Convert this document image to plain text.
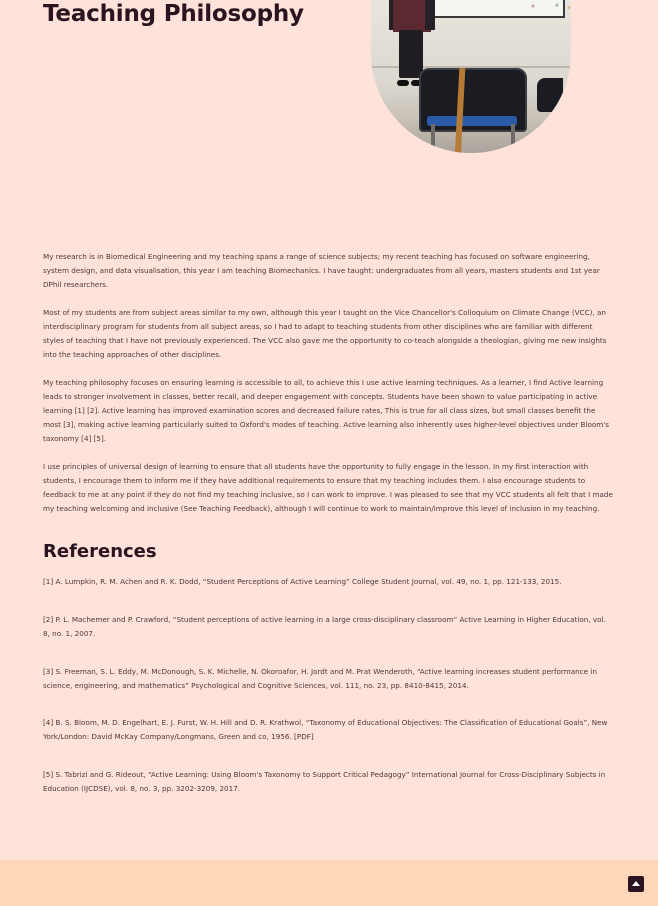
Teaching Philosophy

My research is in Biomedical Engineering and my teaching spans a range of science subjects; my recent teaching has focused on software engineering, system design, and data visualisation, this year I am teaching Biomechanics. I have taught: undergraduates from all years, masters students and 1st year DPhil researchers.

Most of my students are from subject areas similar to my own, although this year I taught on the Vice Chancellor's Colloquium on Climate Change (VCC), an interdisciplinary program for students from all subject areas, so I had to adapt to teaching students from other disciplines who are familiar with different styles of teaching that I have not previously experienced. The VCC also gave me the opportunity to co-teach alongside a theologian, giving me new insights into the teaching approaches of other disciplines.

My teaching philosophy focuses on ensuring learning is accessible to all, to achieve this I use active learning techniques. As a learner, I find Active learning leads to stronger involvement in classes, better recall, and deeper engagement with concepts. Students have been shown to value participating in active learning [1] [2]. Active learning has improved examination scores and decreased failure rates, This is true for all class sizes, but small classes benefit the most [3], making active learning particularly suited to Oxford's modes of teaching. Active learning also inherently uses higher-level objectives under Bloom's taxonomy [4] [5].

I use principles of universal design of learning to ensure that all students have the opportunity to fully engage in the lesson. In my first interaction with students, I encourage them to inform me if they have additional requirements to ensure that my teaching includes them. I also encourage students to feedback to me at any point if they do not find my teaching inclusive, so I can work to improve. I was pleased to see that my VCC students all felt that I made my teaching welcoming and inclusive (See Teaching Feedback), although I will continue to work to maintain/improve this level of inclusion in my teaching.

References

[1] A. Lumpkin, R. M. Achen and R. K. Dodd, “Student Perceptions of Active Learning” College Student Journal, vol. 49, no. 1, pp. 121-133, 2015.

[2] P. L. Machemer and P. Crawford, “Student perceptions of active learning in a large cross-disciplinary classroom” Active Learning in Higher Education, vol. 8, no. 1, 2007.

[3] S. Freeman, S. L. Eddy, M. McDonough, S. K. Michelle, N. Okoroafor, H. Jordt and M. Prat Wenderoth, “Active learning increases student performance in science, engineering, and mathematics” Psychological and Cognitive Sciences, vol. 111, no. 23, pp. 8410-8415, 2014.

[4] B. S. Bloom, M. D. Engelhart, E. J. Furst, W. H. Hill and D. R. Krathwol, “Taxonomy of Educational Objectives: The Classification of Educational Goals”, New York/London: David McKay Company/Longmans, Green and co, 1956. [PDF]

[5] S. Tabrizi and G. Rideout, “Active Learning: Using Bloom's Taxonomy to Support Critical Pedagogy” International Journal for Cross-Disciplinary Subjects in Education (IJCDSE), vol. 8, no. 3, pp. 3202-3209, 2017.
